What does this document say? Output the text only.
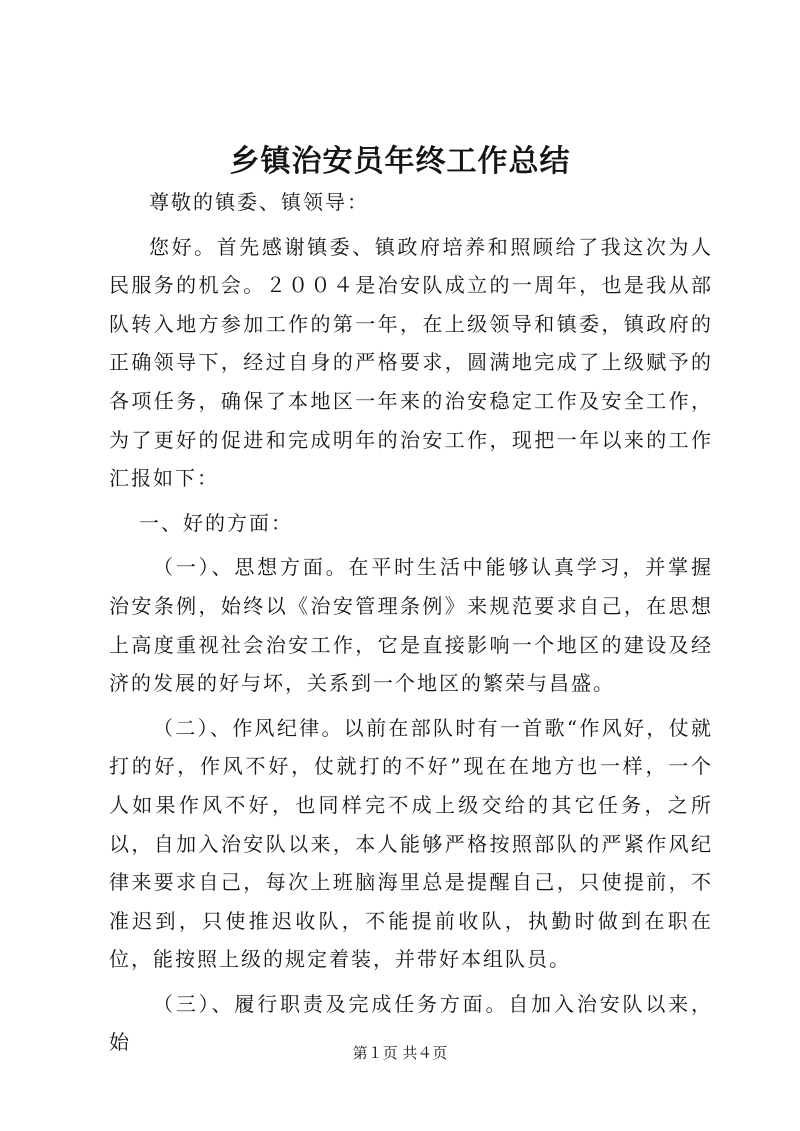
乡镇治安员年终工作总结

尊敬的镇委、镇领导：

您好。首先感谢镇委、镇政府培养和照顾给了我这次为人民服务的机会。２００４是冶安队成立的一周年，也是我从部队转入地方参加工作的第一年，在上级领导和镇委，镇政府的正确领导下，经过自身的严格要求，圆满地完成了上级赋予的各项任务，确保了本地区一年来的治安稳定工作及安全工作，为了更好的促进和完成明年的治安工作，现把一年以来的工作汇报如下：

一、好的方面：

（一）、思想方面。在平时生活中能够认真学习，并掌握治安条例，始终以《治安管理条例》来规范要求自己，在思想上高度重视社会治安工作，它是直接影响一个地区的建设及经济的发展的好与坏，关系到一个地区的繁荣与昌盛。

（二）、作风纪律。以前在部队时有一首歌“作风好，仗就打的好，作风不好，仗就打的不好”现在在地方也一样，一个人如果作风不好，也同样完不成上级交给的其它任务，之所以，自加入治安队以来，本人能够严格按照部队的严紧作风纪律来要求自己，每次上班脑海里总是提醒自己，只使提前，不准迟到，只使推迟收队，不能提前收队，执勤时做到在职在位，能按照上级的规定着装，并带好本组队员。

（三）、履行职责及完成任务方面。自加入治安队以来，始	第１页 共４页
